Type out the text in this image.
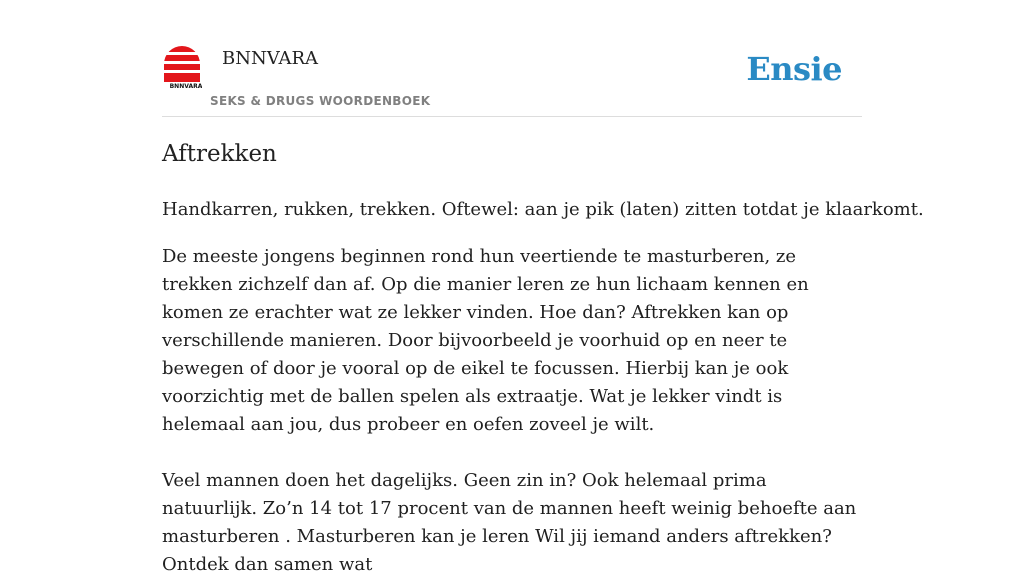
BNNVARA
BNNVARA
SEKS & DRUGS WOORDENBOEK
Ensie
Aftrekken

Handkarren, rukken, trekken. Oftewel: aan je pik (laten) zitten totdat je klaarkomt.

De meeste jongens beginnen rond hun veertiende te masturberen, ze trekken zichzelf dan af. Op die manier leren ze hun lichaam kennen en komen ze erachter wat ze lekker vinden. Hoe dan? Aftrekken kan op verschillende manieren. Door bijvoorbeeld je voorhuid op en neer te bewegen of door je vooral op de eikel te focussen. Hierbij kan je ook voorzichtig met de ballen spelen als extraatje. Wat je lekker vindt is helemaal aan jou, dus probeer en oefen zoveel je wilt.

Veel mannen doen het dagelijks. Geen zin in? Ook helemaal prima natuurlijk. Zo’n 14 tot 17 procent van de mannen heeft weinig behoefte aan masturberen . Masturberen kan je leren Wil jij iemand anders aftrekken? Ontdek dan samen wat
